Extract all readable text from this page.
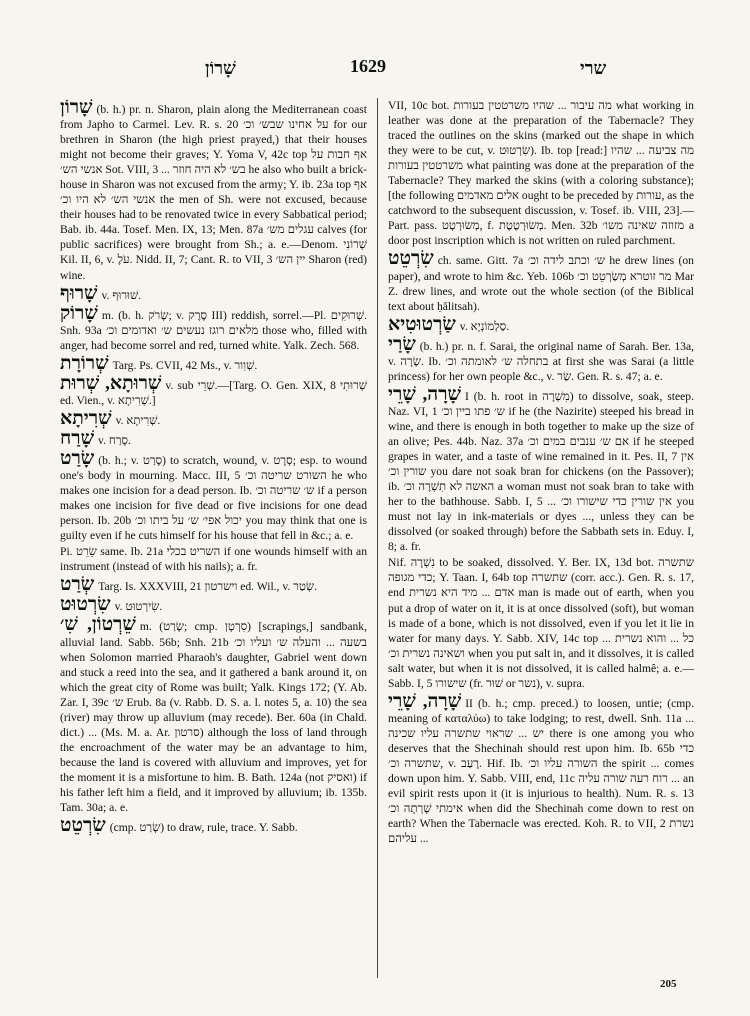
שָׁרוֹן	1629	שרי
שָׁרוֹן (b. h.) pr. n. Sharon, plain along the Mediterranean coast from Japho to Carmel. Lev. R. s. 20 על אחינו שבש׳ וכ׳ for our brethren in Sharon (the high priest prayed,) that their houses might not become their graves; Y. Yoma V, 42c top אף חבות על אנשי הש׳ Sot. VIII, 3 ... בש׳ לא היה חוזר he also who built a brick-house in Sharon was not excused from the army; Y. ib. 23a top אף אנשי הש׳ לא היו וכ׳ the men of Sh. were not excused, because their houses had to be renovated twice in every Sabbatical period; Bab. ib. 44a. Tosef. Men. IX, 13; Men. 87a עגלים מש׳ calves (for public sacrifices) were brought from Sh.; a. e.—Denom. שְׁרוֹנִי Kil. II, 6, v. עֹלֶ. Nidd. II, 7; Cant. R. to VII, 3 יין הש׳ Sharon (red) wine.
שָׁרוּף v. שׁוּרוּף.
שָׁרוֹק m. (b. h. שָׂרֹק; v. סֶרֶק III) reddish, sorrel.—Pl. שְׁרוּקִים. Snh. 93a מלאים רוגז נעשים ש׳ ואדומים וכ׳ those who, filled with anger, had become sorrel and red, turned white. Yalk. Zech. 568.
שְׁרוֹרָת Targ. Ps. CVII, 42 Ms., v. שְׁוִור.
שְׁרוּתָא, שְׁרוּת v. sub שְׁרֵי.—[Targ. O. Gen. XIX, 8 שְׁרוּתִי ed. Vien., v. שְׁרִיתָא.]
שְׁרִיתָא v. שְׁרִיתָא.
שָׁרַח v. סָרַח.
שָׂרַט (b. h.; v. סָרַט) to scratch, wound, v. סְרָט; esp. to wound one's body in mourning. Macc. III, 5 השורט שריטה וכ׳ he who makes one incision for a dead person. Ib. ש׳ שריטה וכ׳ if a person makes one incision for five dead or five incisions for one dead person. Ib. 20b יכול אפי׳ ש׳ על ביתו וכ׳ you may think that one is guilty even if he cuts himself for his house that fell in &c.; a. e.
Pi. שֵׂרֵט same. Ib. 21a השריט בכלי if one wounds himself with an instrument (instead of with his nails); a. fr.
שְׂרַט Targ. Is. XXXVIII, 21 וישרטון ed. Wil., v. שְׂטַר.
שִׂרְטוּט v. שִׂירְטוּט.
שֵׁרְטוֹן, שִׁ׳ m. (שָׂרַט; cmp. סִרְטָן) [scrapings,] sandbank, alluvial land. Sabb. 56b; Snh. 21b בשעה ... והעלה ש׳ ועליו וכ׳ when Solomon married Pharaoh's daughter, Gabriel went down and stuck a reed into the sea, and it gathered a bank around it, on which the great city of Rome was built; Yalk. Kings 172; (Y. Ab. Zar. I, 39c ש׳ Erub. 8a (v. Rabb. D. S. a. l. notes 5, a. 10) the sea (river) may throw up alluvium (may recede). Ber. 60a (in Chald. dict.) ... (Ms. M. a. Ar. סרטון) although the loss of land through the encroachment of the water may be an advantage to him, because the land is covered with alluvium and improves, yet for the moment it is a misfortune to him. B. Bath. 124a (not ואסיק) if his father left him a field, and it improved by alluvium; ib. 135b. Tam. 30a; a. e.
שִׂרְטֵט (cmp. שָׂרַט) to draw, rule, trace. Y. Sabb.
VII, 10c bot. מה עיבור ... שהיו משרטטין בעורות what working in leather was done at the preparation of the Tabernacle? They traced the outlines on the skins (marked out the shape in which they were to be cut, v. שִׂרְטוּט). Ib. top [read:] מה צביעה ... שהיו משרטטין בעורות what painting was done at the preparation of the Tabernacle? They marked the skins (with a coloring substance); [the following אלים מאדמים ought to be preceded by עורות, as the catchword to the subsequent discussion, v. Tosef. ib. VIII, 23].—Part. pass. מְשׂוּרְטָט, f. מְשׂוּרְטֶטֶת. Men. 32b מזוזה שאינה משו׳ a door post inscription which is not written on ruled parchment.
שִׂרְטֵט ch. same. Gitt. 7a ש׳ וכתב לידה וכ׳ he drew lines (on paper), and wrote to him &c. Yeb. 106b מר זוטרא מְשַׂרְטֵט וכ׳ Mar Z. drew lines, and wrote out the whole section (of the Biblical text about ḥălitsah).
שַׂרְטוּטִיא v. סַלְמוֹנְיָא.
שָׂרַי (b. h.) pr. n. f. Sarai, the original name of Sarah. Ber. 13a, v. שָׂרָה. Ib. בתחלה ש׳ לאומתה וכ׳ at first she was Sarai (a little princess) for her own people &c., v. שַׂר. Gen. R. s. 47; a. e.
שָׁרָה, שָׁרֵי I (b. h. root in מִשְׁרָה) to dissolve, soak, steep. Naz. VI, 1 ש׳ פתו ביין וכ׳ if he (the Nazirite) steeped his bread in wine, and there is enough in both together to make up the size of an olive; Pes. 44b. Naz. 37a אם ש׳ ענבים במים וכ׳ if he steeped grapes in water, and a taste of wine remained in it. Pes. II, 7 אין שורין וכ׳ you dare not soak bran for chickens (on the Passover); ib. האשה לא תִשְׁרֶה וכ׳ a woman must not soak bran to take with her to the bathhouse. Sabb. I, 5 ... אין שורין כדי שישורו וכ׳ you must not lay in ink-materials or dyes ..., unless they can be dissolved (or soaked through) before the Sabbath sets in. Eduy. I, 8; a. fr.
Nif. נִשְׁרָה to be soaked, dissolved. Y. Ber. IX, 13d bot. שתשרה כדי מגופה; Y. Taan. I, 64b top שתשרה (corr. acc.). Gen. R. s. 17, end אדם ... מיד היא נשרית man is made out of earth, when you put a drop of water on it, it is at once dissolved (soft), but woman is made of a bone, which is not dissolved, even if you let it lie in water for many days. Y. Sabb. XIV, 14c top כל ... והוא נשרית ... ושאינה נשרית וכ׳ when you put salt in, and it dissolves, it is called salt water, but when it is not dissolved, it is called halmê; a. e.—Sabb. I, 5 שישורו (fr. שׁוּר or נשר), v. supra.
שָׁרָה, שָׁרֵי II (b. h.; cmp. preced.) to loosen, untie; (cmp. meaning of καταλύω) to take lodging; to rest, dwell. Snh. 11a ... יש ... שראוי שתשרה עליו שכינה there is one among you who deserves that the Shechinah should rest upon him. Ib. 65b כדי שתשרה וכ׳, v. רָעַב. Hif. Ib. השורה עליו וכ׳ the spirit ... comes down upon him. Y. Sabb. VIII, end, 11c רוח רעה שורה עליה ... an evil spirit rests upon it (it is injurious to health). Num. R. s. 13 אימתי שָׁרְתָה וכ׳ when did the Shechinah come down to rest on earth? When the Tabernacle was erected. Koh. R. to VII, 2 נשרת עליהם ...
205
